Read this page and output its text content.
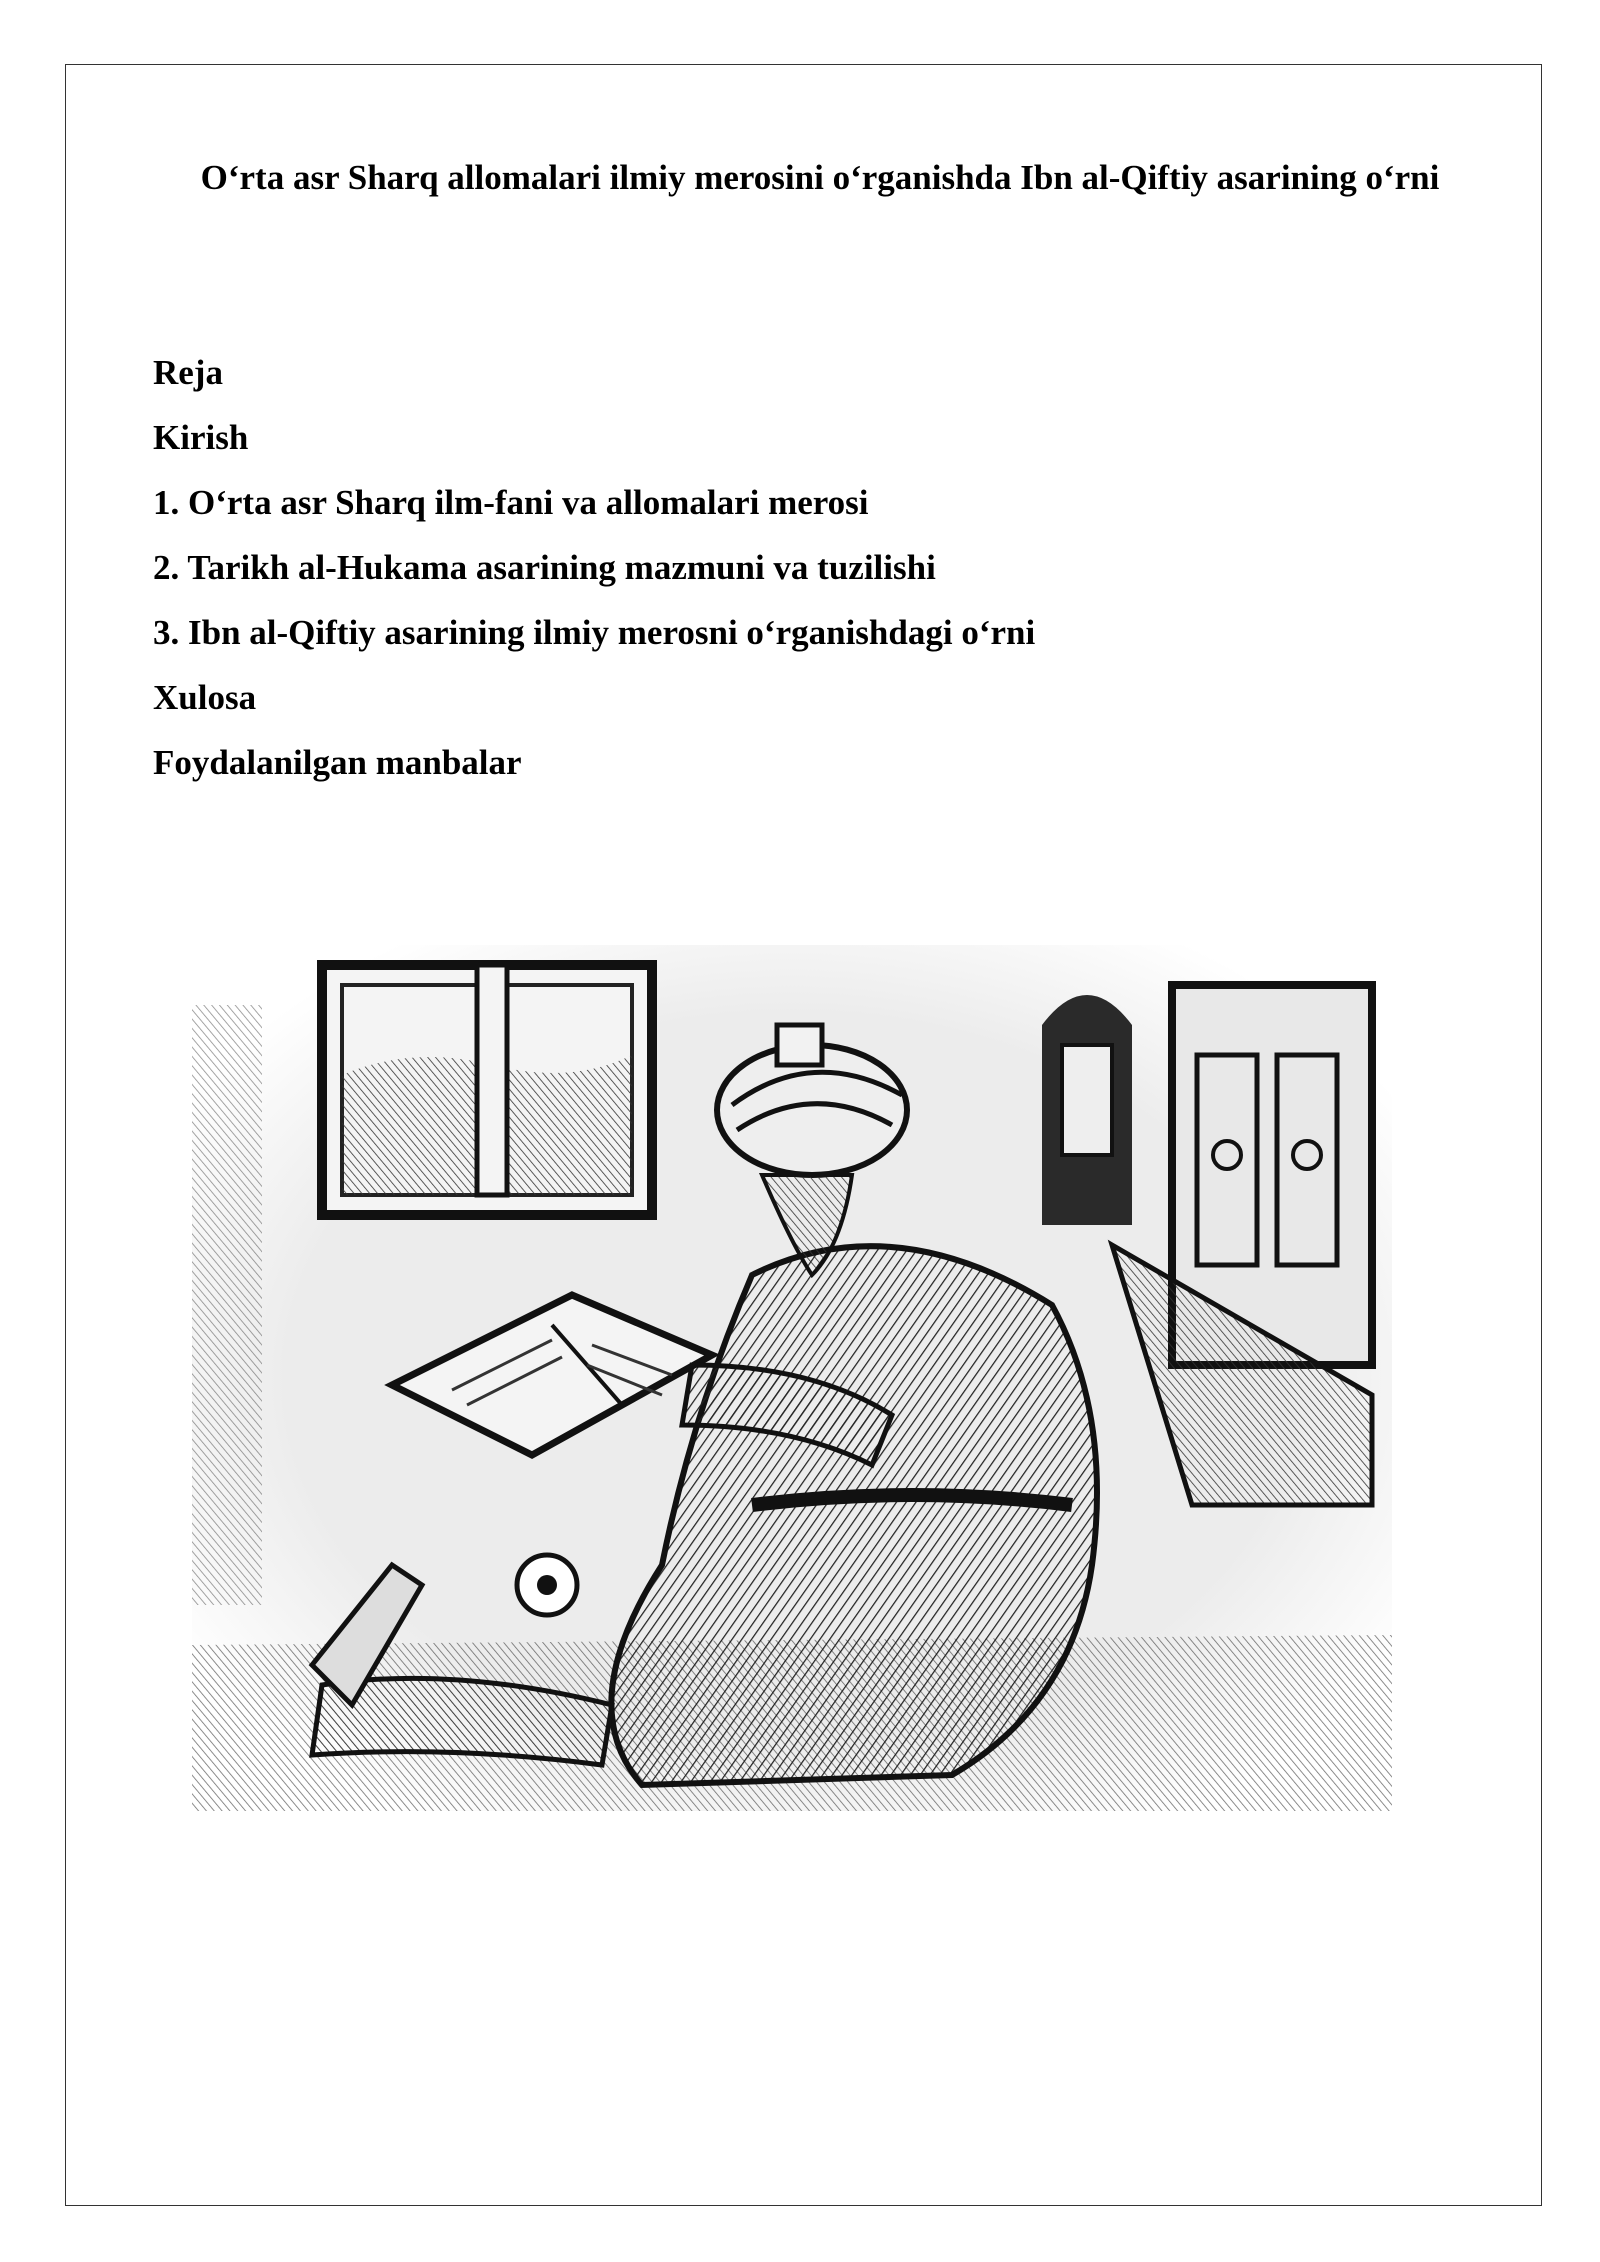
O‘rta asr Sharq allomalari ilmiy merosini o‘rganishda Ibn al-Qiftiy asarining o‘rni
Reja
Kirish
1. O‘rta asr Sharq ilm-fani va allomalari merosi
2. Tarikh al-Hukama asarining mazmuni va tuzilishi
3. Ibn al-Qiftiy asarining ilmiy merosni o‘rganishdagi o‘rni
Xulosa
Foydalanilgan manbalar
